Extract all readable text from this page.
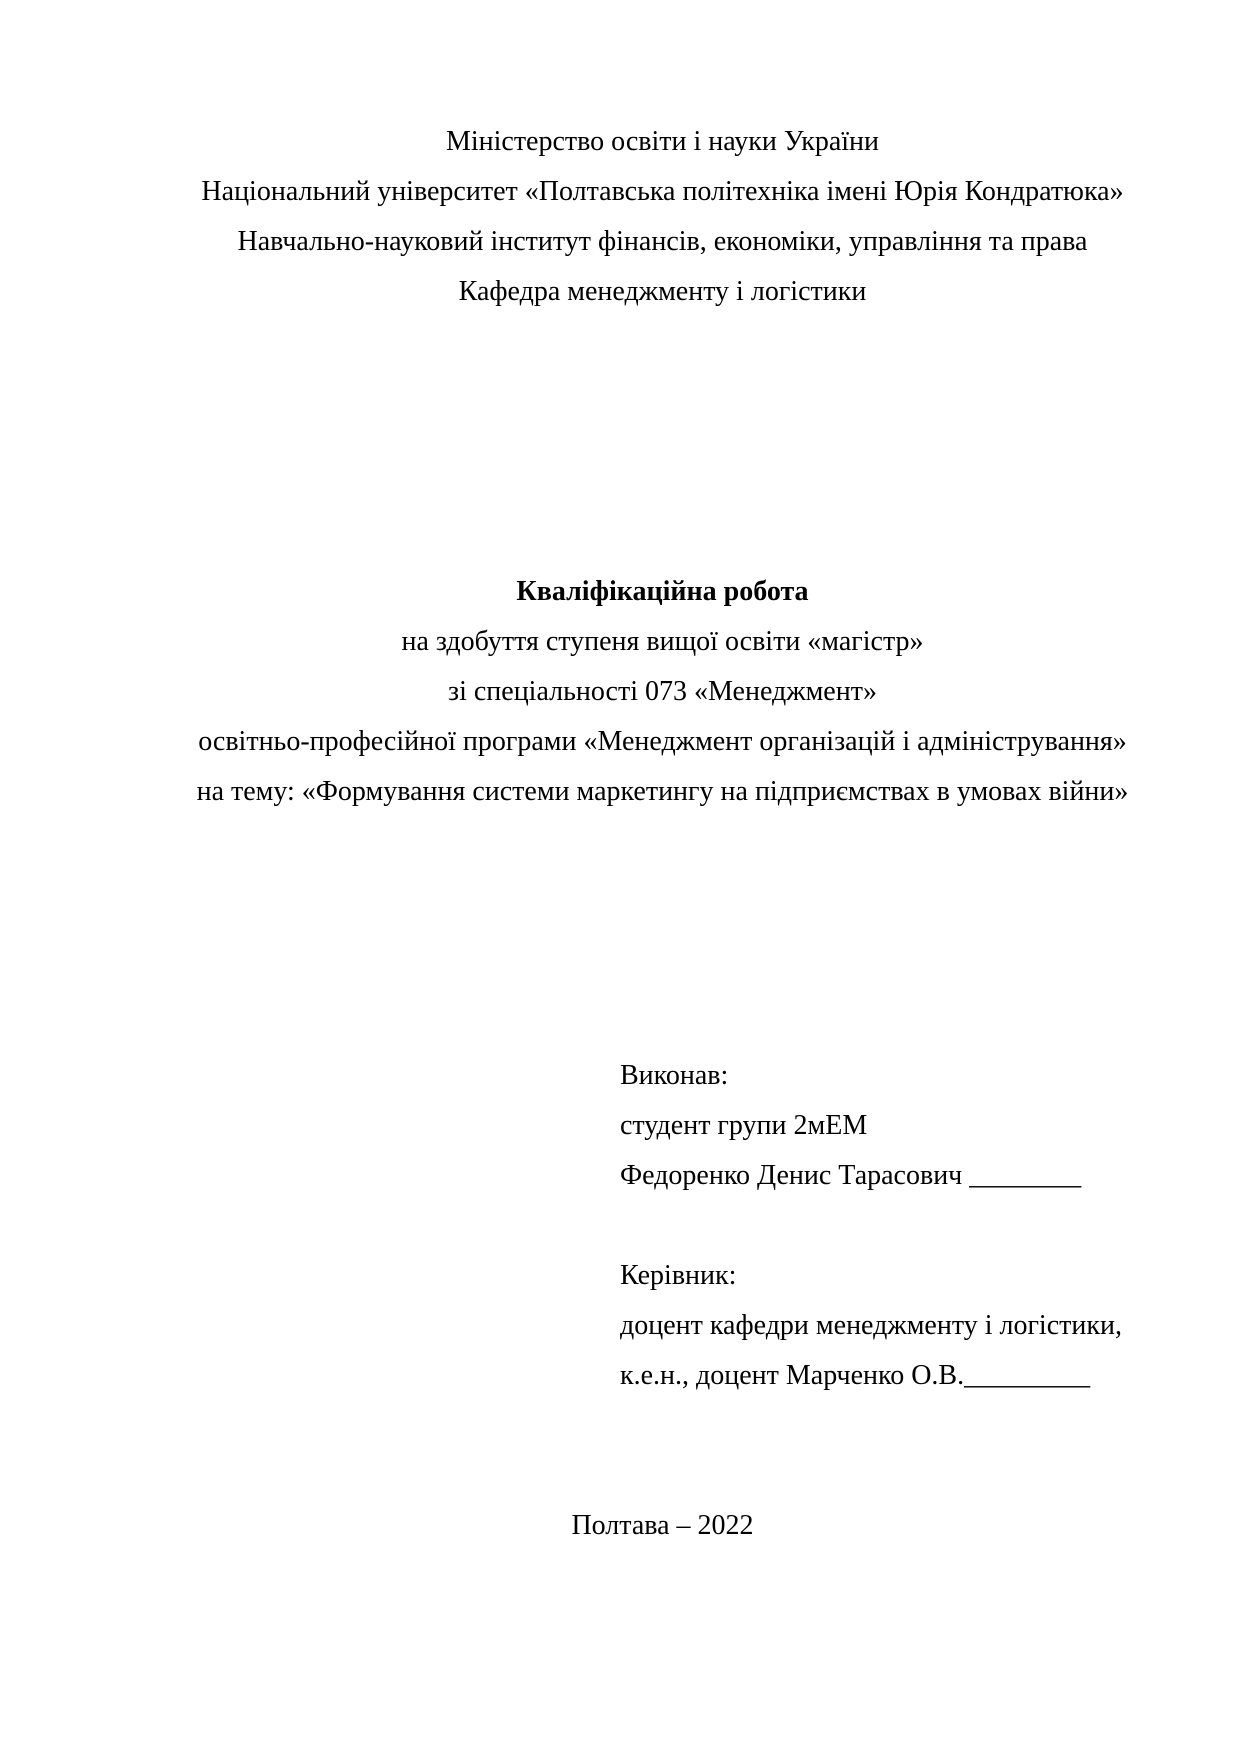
Міністерство освіти і науки України
Національний університет «Полтавська політехніка імені Юрія Кондратюка»
Навчально-науковий інститут фінансів, економіки, управління та права
Кафедра менеджменту і логістики
Кваліфікаційна робота
на здобуття ступеня вищої освіти «магістр»
зі спеціальності 073 «Менеджмент»
освітньо-професійної програми «Менеджмент організацій і адміністрування»
на тему: «Формування системи маркетингу на підприємствах в умовах війни»
Виконав:
студент групи 2мЕМ
Федоренко Денис Тарасович ________
Керівник:
доцент кафедри менеджменту і логістики,
к.е.н., доцент Марченко О.В._________
Полтава – 2022
